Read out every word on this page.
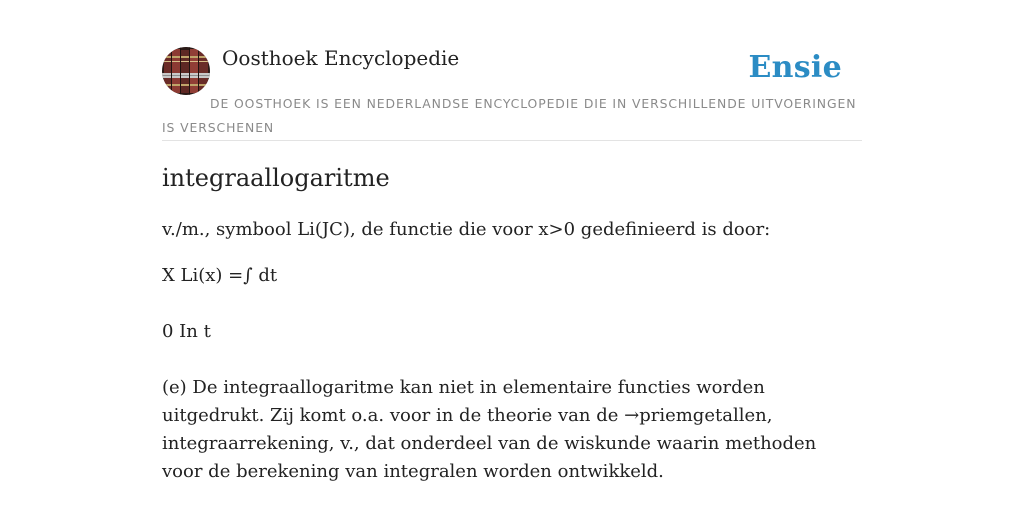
Oosthoek Encyclopedie	Ensie
DE OOSTHOEK IS EEN NEDERLANDSE ENCYCLOPEDIE DIE IN VERSCHILLENDE UITVOERINGEN IS VERSCHENEN
integraallogaritme

v./m., symbool Li(JC), de functie die voor x>0 gedefinieerd is door:

X Li(x) =∫ dt

0 In t

(e) De integraallogaritme kan niet in elementaire functies worden uitgedrukt. Zij komt o.a. voor in de theorie van de →priemgetallen, integraarrekening, v., dat onderdeel van de wiskunde waarin methoden voor de berekening van integralen worden ontwikkeld.
